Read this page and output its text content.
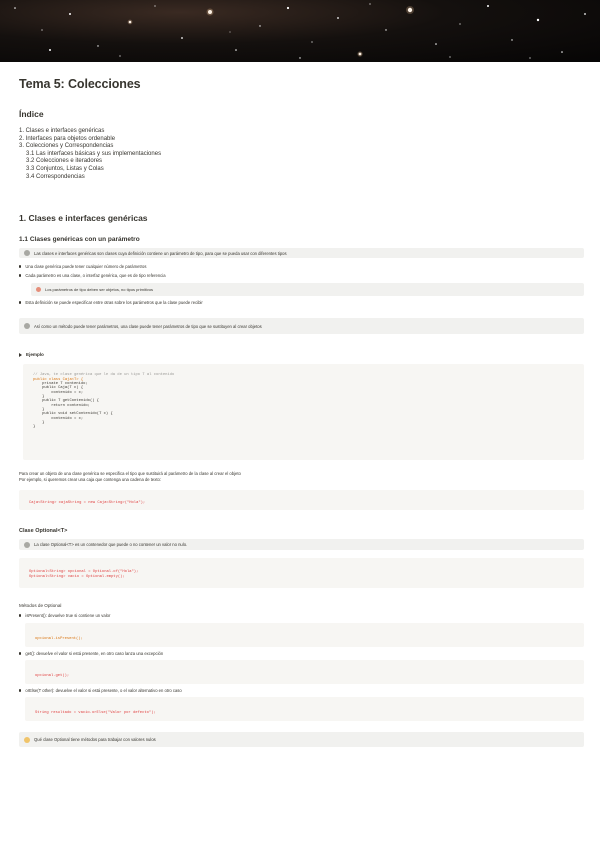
Tema 5: Colecciones
Índice
1. Clases e interfaces genéricas
2. Interfaces para objetos ordenable
3. Colecciones y Correspondencias
3.1 Las interfaces básicas y sus implementaciones
3.2 Colecciones e iteradores
3.3 Conjuntos, Listas y Colas
3.4 Correspondencias
1. Clases e interfaces genéricas
1.1 Clases genéricas con un parámetro
Las clases e interfaces genéricas son clases cuya definición contiene un parámetro de tipo, para que se pueda usar con diferentes tipos
Una clase genérica puede tener cualquier número de parámetros
Cada parámetro es una clase, o interfaz genérica, que es de tipo referencia
Los parámetros de tipo deben ser objetos, no tipos primitivos
Esta definición se puede especificar entre otras sobre los parámetros que la clase puede recibir
Así como un método puede tener parámetros, una clase puede tener parámetros de tipo que se sustituyen al crear objetos
Ejemplo

// Java, te clase genérica que le da de un tipo T al contenido
public class Caja<T> {
private T contenido;
public Caja(T c) {
contenido = c;
}
public T getContenido() {
return contenido;
}
public void setContenido(T c) {
contenido = c;
}
}
Para crear un objeto de una clase genérica se especifica el tipo que sustituirá al parámetro de la clase al crear el objeto
Por ejemplo, si queremos crear una caja que contenga una cadena de texto:

Caja<String> cajaString = new Caja<String>("Hola");
Clase Optional<T>
La clase Optional<T> es un contenedor que puede o no contener un valor no nulo.

Optional<String> opcional = Optional.of("Hola");
Optional<String> vacio = Optional.empty();
Métodos de Optional
isPresent(): devuelve true si contiene un valor

opcional.isPresent();
get(): devuelve el valor si está presente, en otro caso lanza una excepción

opcional.get();
orElse(T other): devuelve el valor si está presente, o el valor alternativo en otro caso

String resultado = vacio.orElse("Valor por defecto");
Qué clase Optional tiene métodos para trabajar con valores nulos
